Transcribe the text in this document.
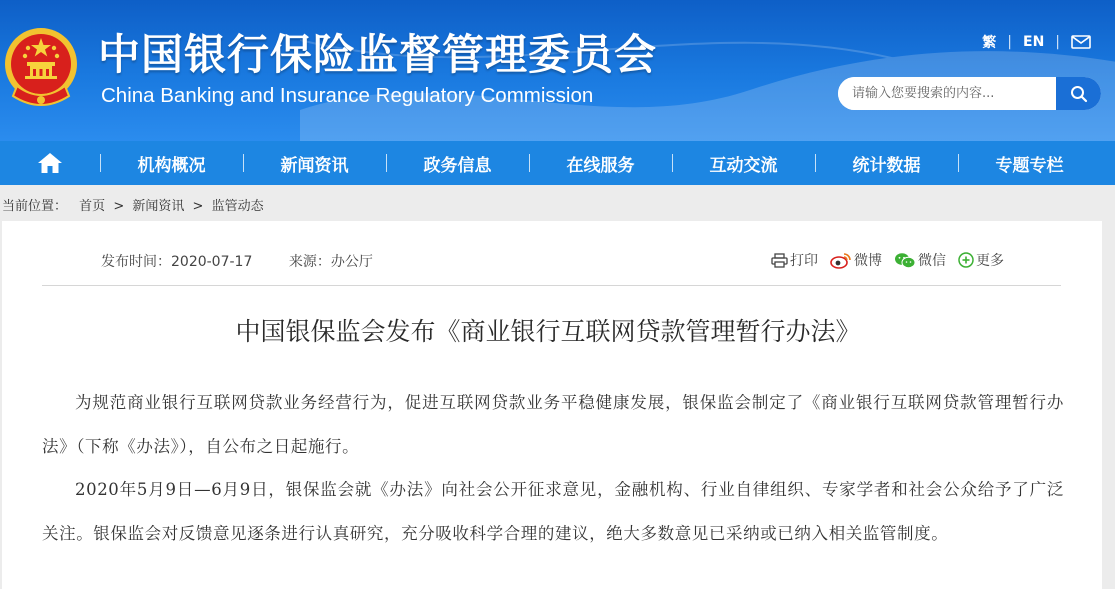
中国银行保险监督管理委员会
China Banking and Insurance Regulatory Commission
繁 | EN |
请输入您要搜索的内容...
机构概况	新闻资讯	政务信息	在线服务	互动交流	统计数据	专题专栏
当前位置： 首页 > 新闻资讯 > 监管动态
发布时间：2020-07-17	来源：办公厅	打印	微博	微信 更多
中国银保监会发布《商业银行互联网贷款管理暂行办法》

为规范商业银行互联网贷款业务经营行为，促进互联网贷款业务平稳健康发展，银保监会制定了《商业银行互联网贷款管理暂行办法》（下称《办法》），自公布之日起施行。

2020年5月9日—6月9日，银保监会就《办法》向社会公开征求意见，金融机构、行业自律组织、专家学者和社会公众给予了广泛关注。银保监会对反馈意见逐条进行认真研究，充分吸收科学合理的建议，绝大多数意见已采纳或已纳入相关监管制度。
